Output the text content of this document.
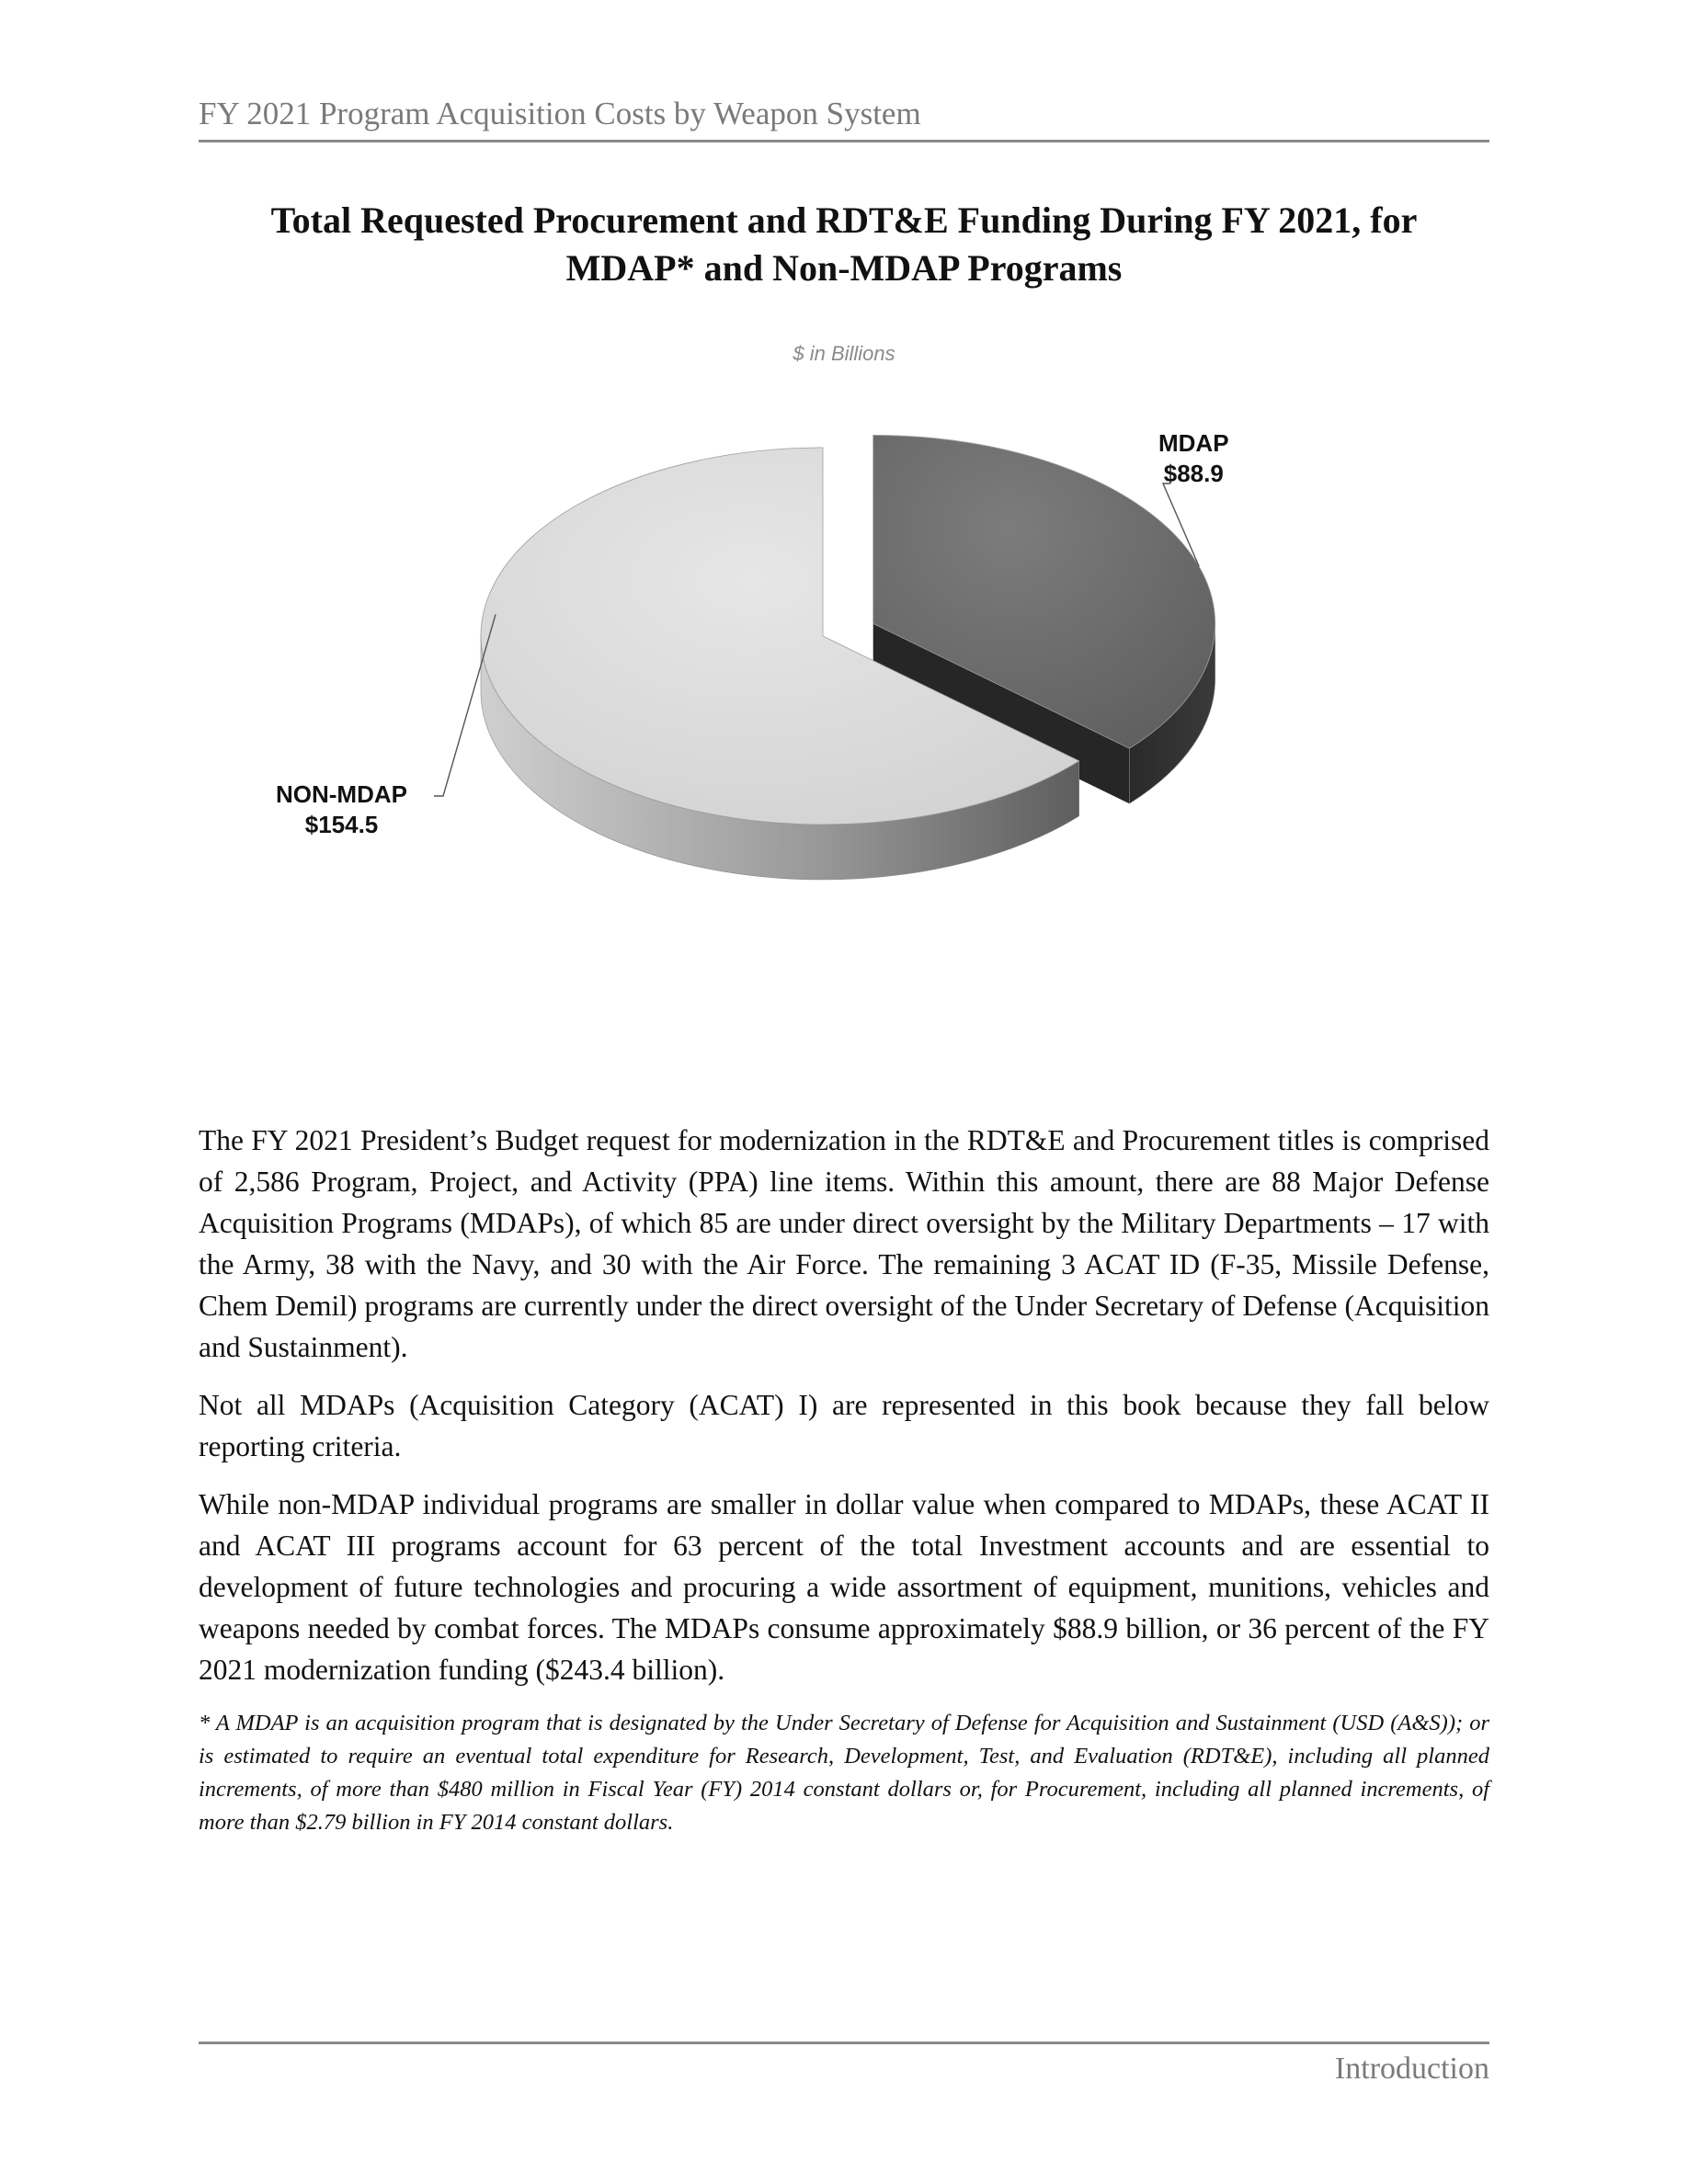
FY 2021 Program Acquisition Costs by Weapon System
Total Requested Procurement and RDT&E Funding During FY 2021, for
MDAP* and Non-MDAP Programs
$ in Billions
MDAP
$88.9
NON-MDAP
$154.5

The FY 2021 President’s Budget request for modernization in the RDT&E and Procurement titles is comprised of 2,586 Program, Project, and Activity (PPA) line items. Within this amount, there are 88 Major Defense Acquisition Programs (MDAPs), of which 85 are under direct oversight by the Military Departments – 17 with the Army, 38 with the Navy, and 30 with the Air Force. The remaining 3 ACAT ID (F-35, Missile Defense, Chem Demil) programs are currently under the direct oversight of the Under Secretary of Defense (Acquisition and Sustainment).

Not all MDAPs (Acquisition Category (ACAT) I) are represented in this book because they fall below reporting criteria.

While non-MDAP individual programs are smaller in dollar value when compared to MDAPs, these ACAT II and ACAT III programs account for 63 percent of the total Investment accounts and are essential to development of future technologies and procuring a wide assortment of equipment, munitions, vehicles and weapons needed by combat forces. The MDAPs consume approximately $88.9 billion, or 36 percent of the FY 2021 modernization funding ($243.4 billion).

* A MDAP is an acquisition program that is designated by the Under Secretary of Defense for Acquisition and Sustainment (USD (A&S)); or is estimated to require an eventual total expenditure for Research, Development, Test, and Evaluation (RDT&E), including all planned increments, of more than $480 million in Fiscal Year (FY) 2014 constant dollars or, for Procurement, including all planned increments, of more than $2.79 billion in FY 2014 constant dollars.
Introduction
